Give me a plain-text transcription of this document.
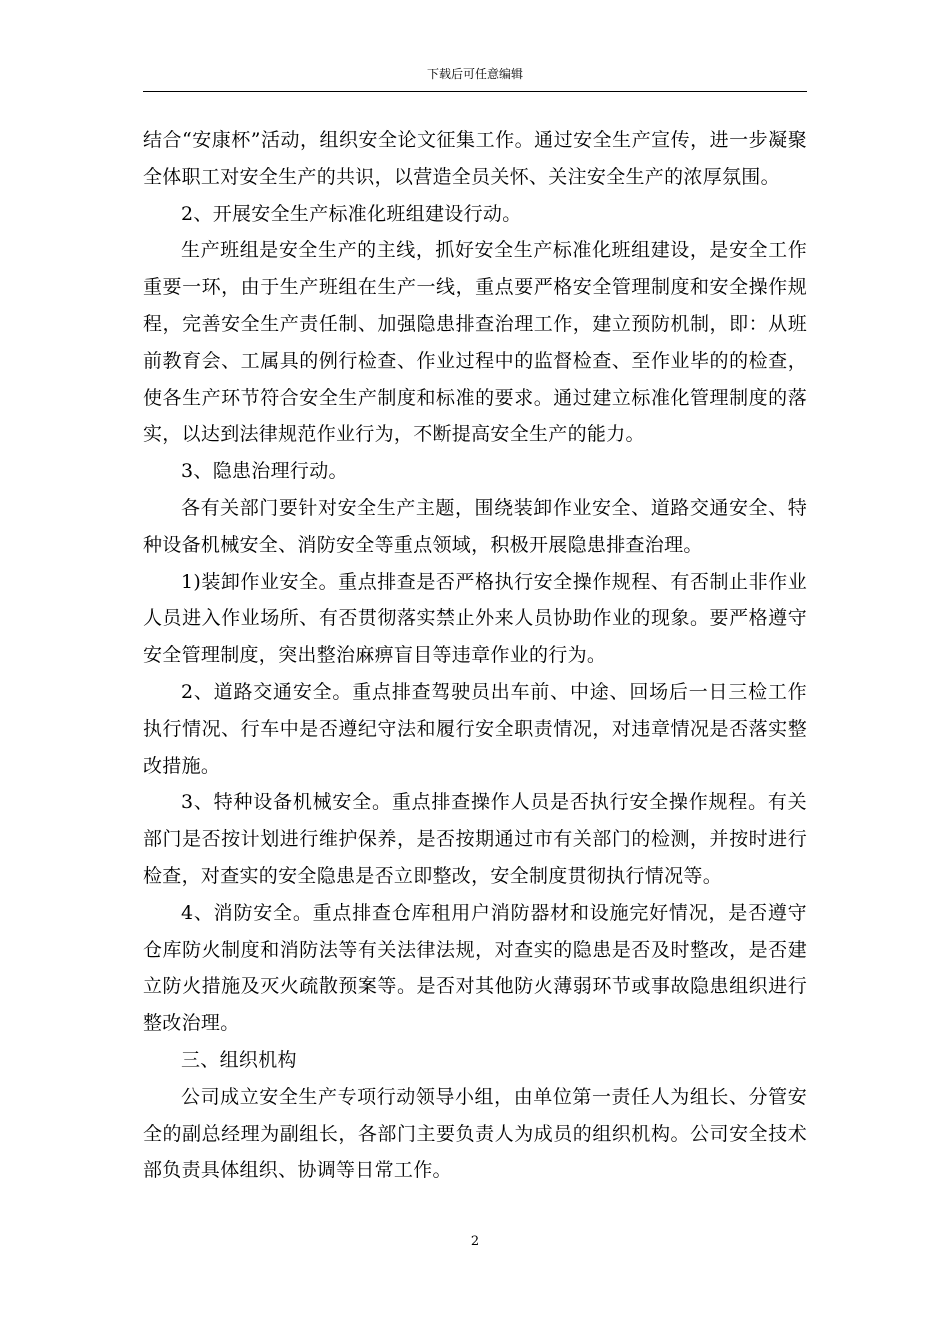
下载后可任意编辑

结合“安康杯”活动，组织安全论文征集工作。通过安全生产宣传，进一步凝聚全体职工对安全生产的共识，以营造全员关怀、关注安全生产的浓厚氛围。

2、开展安全生产标准化班组建设行动。

生产班组是安全生产的主线，抓好安全生产标准化班组建设，是安全工作重要一环，由于生产班组在生产一线，重点要严格安全管理制度和安全操作规程，完善安全生产责任制、加强隐患排查治理工作，建立预防机制，即：从班前教育会、工属具的例行检查、作业过程中的监督检查、至作业毕的的检查，使各生产环节符合安全生产制度和标准的要求。通过建立标准化管理制度的落实，以达到法律规范作业行为，不断提高安全生产的能力。

3、隐患治理行动。

各有关部门要针对安全生产主题，围绕装卸作业安全、道路交通安全、特种设备机械安全、消防安全等重点领域，积极开展隐患排查治理。

1)装卸作业安全。重点排查是否严格执行安全操作规程、有否制止非作业人员进入作业场所、有否贯彻落实禁止外来人员协助作业的现象。要严格遵守安全管理制度，突出整治麻痹盲目等违章作业的行为。

2、道路交通安全。重点排查驾驶员出车前、中途、回场后一日三检工作执行情况、行车中是否遵纪守法和履行安全职责情况，对违章情况是否落实整改措施。

3、特种设备机械安全。重点排查操作人员是否执行安全操作规程。有关部门是否按计划进行维护保养，是否按期通过市有关部门的检测，并按时进行检查，对查实的安全隐患是否立即整改，安全制度贯彻执行情况等。

4、消防安全。重点排查仓库租用户消防器材和设施完好情况，是否遵守仓库防火制度和消防法等有关法律法规，对查实的隐患是否及时整改，是否建立防火措施及灭火疏散预案等。是否对其他防火薄弱环节或事故隐患组织进行整改治理。

三、组织机构

公司成立安全生产专项行动领导小组，由单位第一责任人为组长、分管安全的副总经理为副组长，各部门主要负责人为成员的组织机构。公司安全技术部负责具体组织、协调等日常工作。

2
